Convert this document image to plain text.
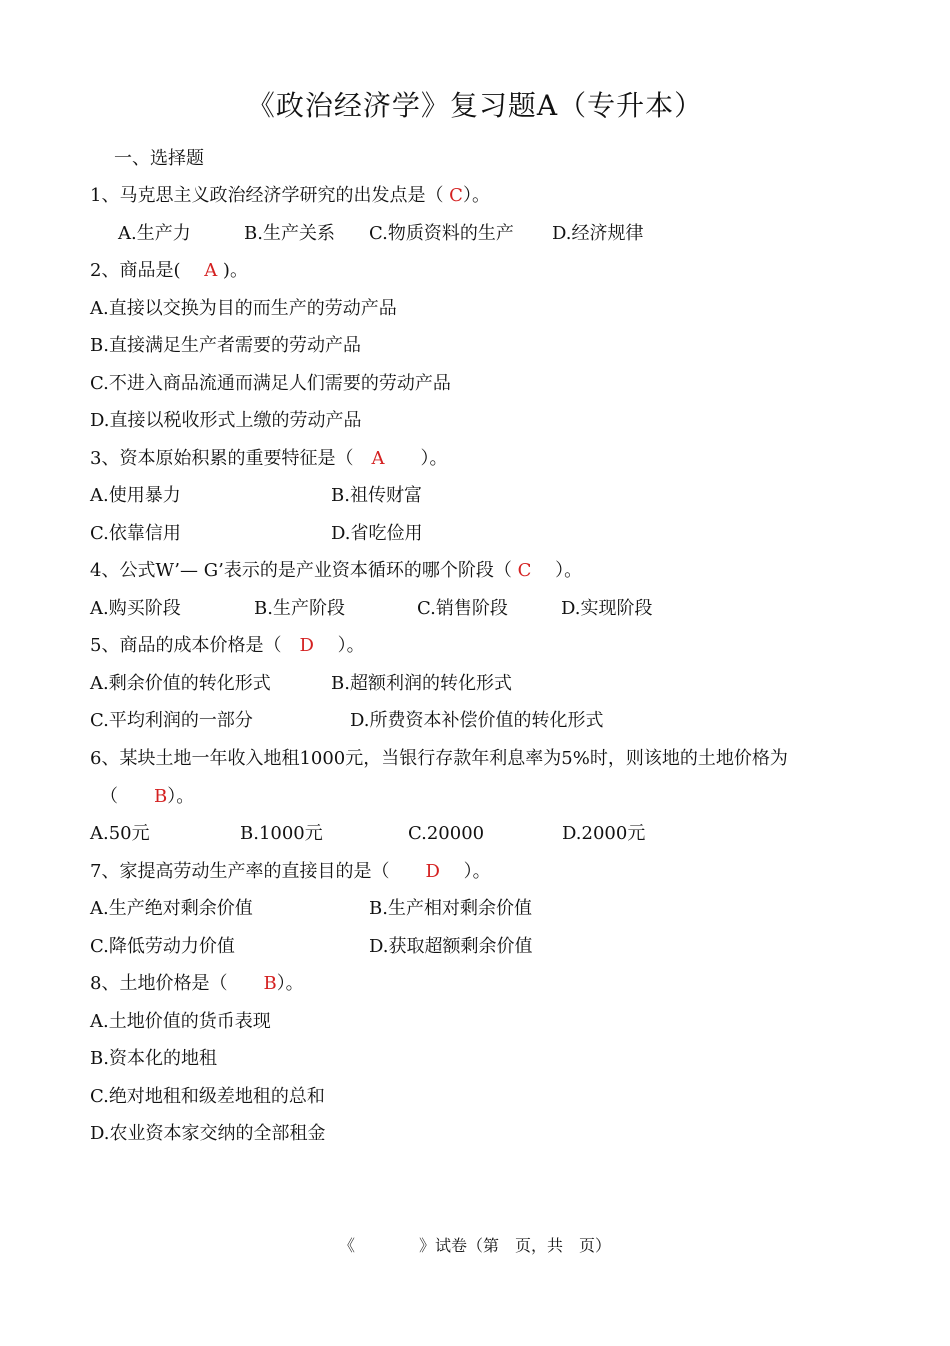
《政治经济学》复习题A（专升本）
一、选择题
1、马克思主义政治经济学研究的出发点是（ C）。
A.生产力	B.生产关系 C.物质资料的生产 D.经济规律
2、商品是(　 A )。
A.直接以交换为目的而生产的劳动产品
B.直接满足生产者需要的劳动产品
C.不进入商品流通而满足人们需要的劳动产品
D.直接以税收形式上缴的劳动产品
3、资本原始积累的重要特征是（　A　　）。
A.使用暴力	B.祖传财富
C.依靠信用	D.省吃俭用
4、公式W’— G’表示的是产业资本循环的哪个阶段（ C　 ）。
A.购买阶段	B.生产阶段	C.销售阶段	D.实现阶段
5、商品的成本价格是（　D　 ）。
A.剩余价值的转化形式	B.超额利润的转化形式
C.平均利润的一部分	D.所费资本补偿价值的转化形式
6、某块土地一年收入地租1000元，当银行存款年利息率为5%时，则该地的土地价格为
（　　B）。
A.50元	B.1000元	C.20000	D.2000元
7、家提高劳动生产率的直接目的是（　　D　 ）。
A.生产绝对剩余价值	B.生产相对剩余价值
C.降低劳动力价值	D.获取超额剩余价值
8、土地价格是（　　B）。
A.土地价值的货币表现
B.资本化的地租
C.绝对地租和级差地租的总和
D.农业资本家交纳的全部租金
《　　　　》试卷（第　页，共　页）
